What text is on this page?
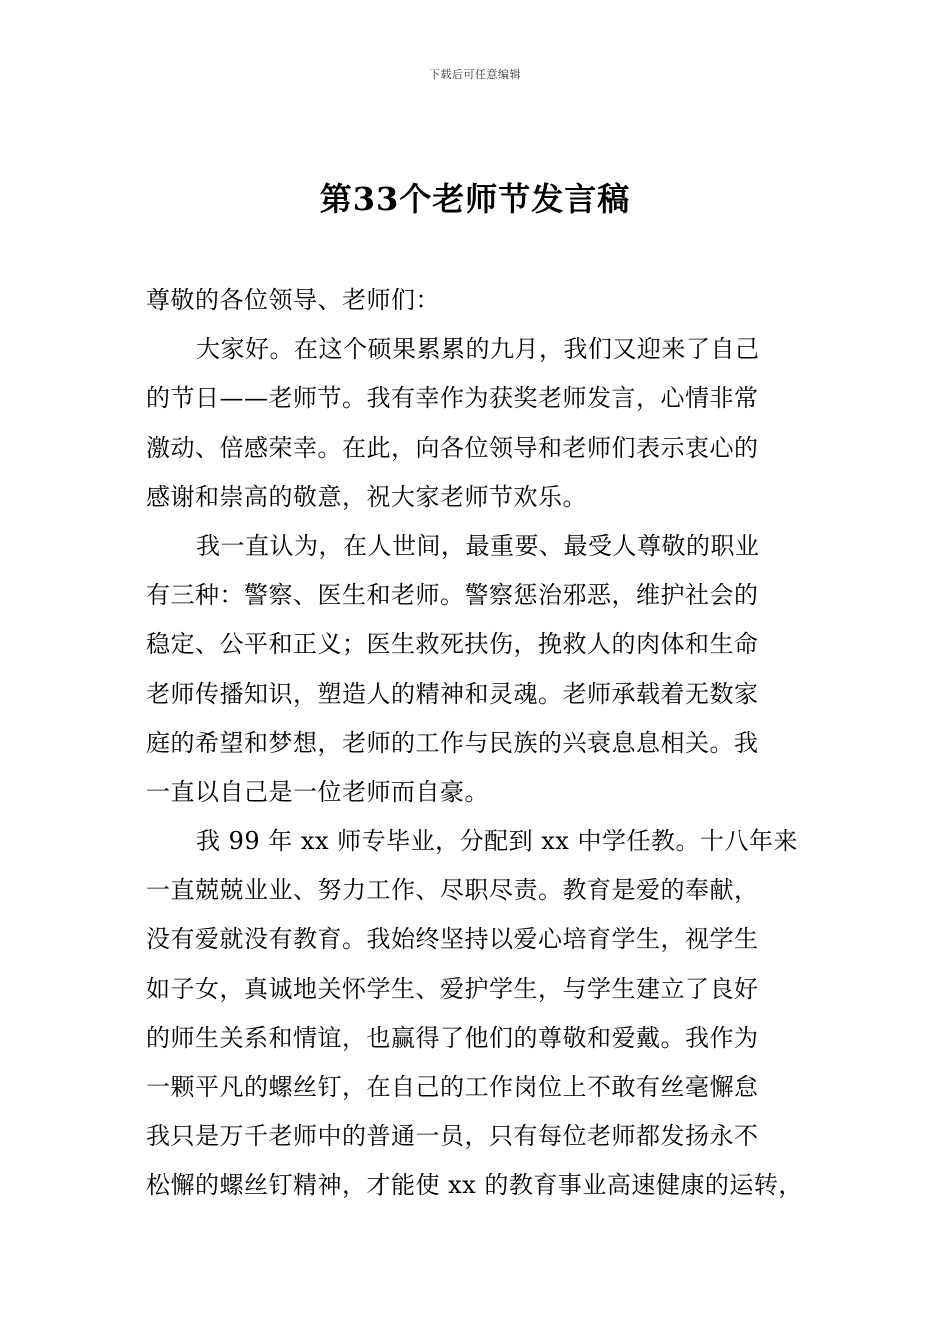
下载后可任意编辑
第33个老师节发言稿
尊敬的各位领导、老师们：
大家好。在这个硕果累累的九月，我们又迎来了自己
的节日——老师节。我有幸作为获奖老师发言，心情非常
激动、倍感荣幸。在此，向各位领导和老师们表示衷心的
感谢和崇高的敬意，祝大家老师节欢乐。
我一直认为，在人世间，最重要、最受人尊敬的职业
有三种：警察、医生和老师。警察惩治邪恶，维护社会的
稳定、公平和正义；医生救死扶伤，挽救人的肉体和生命
老师传播知识，塑造人的精神和灵魂。老师承载着无数家
庭的希望和梦想，老师的工作与民族的兴衰息息相关。我
一直以自己是一位老师而自豪。
我 99 年 xx 师专毕业，分配到 xx 中学任教。十八年来
一直兢兢业业、努力工作、尽职尽责。教育是爱的奉献，
没有爱就没有教育。我始终坚持以爱心培育学生，视学生
如子女，真诚地关怀学生、爱护学生，与学生建立了良好
的师生关系和情谊，也赢得了他们的尊敬和爱戴。我作为
一颗平凡的螺丝钉，在自己的工作岗位上不敢有丝毫懈怠
我只是万千老师中的普通一员，只有每位老师都发扬永不
松懈的螺丝钉精神，才能使 xx 的教育事业高速健康的运转，
